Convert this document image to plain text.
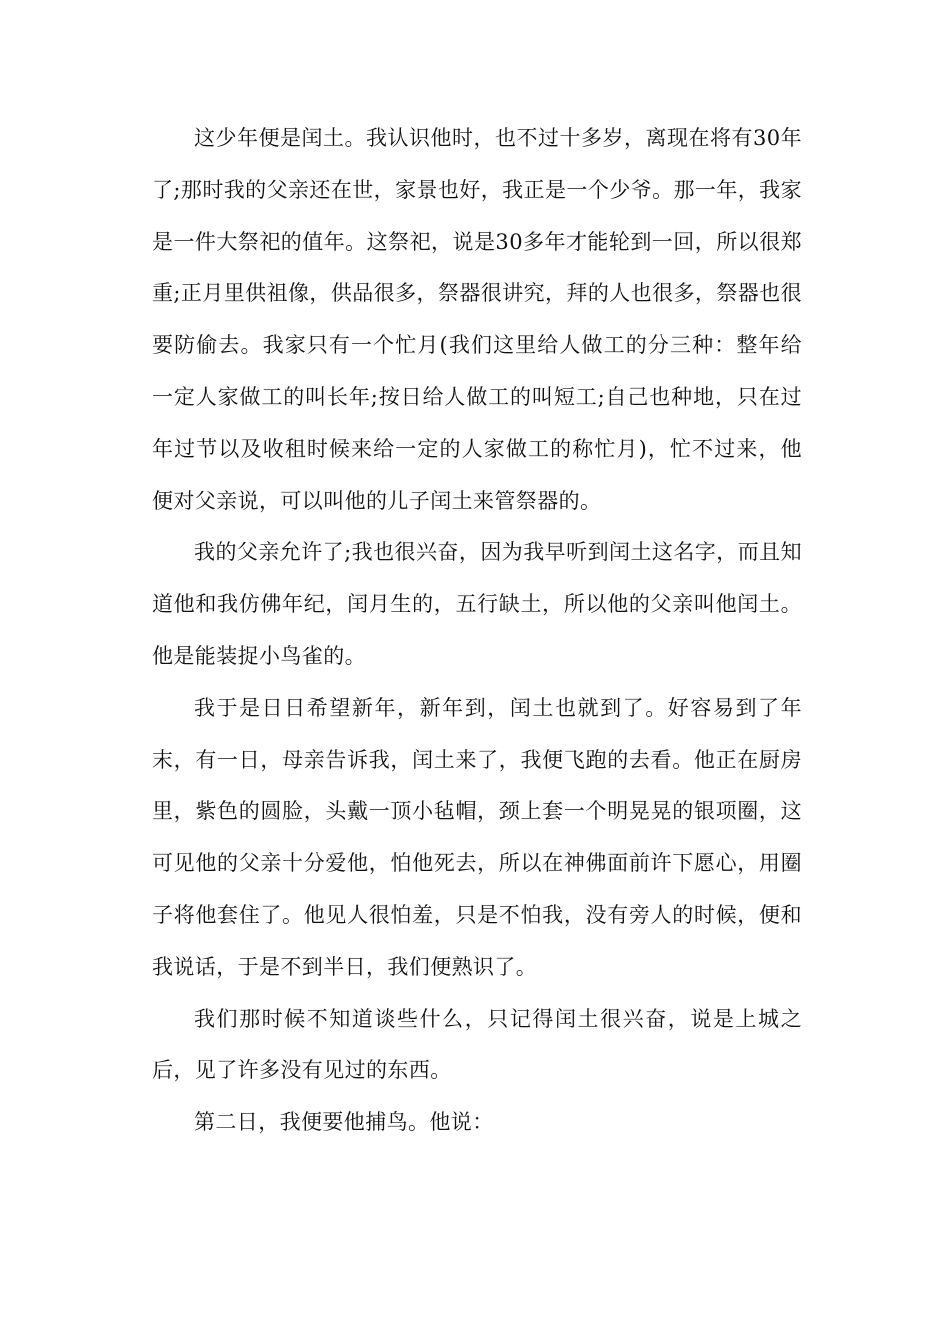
这少年便是闰土。我认识他时，也不过十多岁，离现在将有30年了;那时我的父亲还在世，家景也好，我正是一个少爷。那一年，我家是一件大祭祀的值年。这祭祀，说是30多年才能轮到一回，所以很郑重;正月里供祖像，供品很多，祭器很讲究，拜的人也很多，祭器也很要防偷去。我家只有一个忙月(我们这里给人做工的分三种：整年给一定人家做工的叫长年;按日给人做工的叫短工;自己也种地，只在过年过节以及收租时候来给一定的人家做工的称忙月)，忙不过来，他便对父亲说，可以叫他的儿子闰土来管祭器的。

我的父亲允许了;我也很兴奋，因为我早听到闰土这名字，而且知道他和我仿佛年纪，闰月生的，五行缺土，所以他的父亲叫他闰土。他是能装捉小鸟雀的。

我于是日日希望新年，新年到，闰土也就到了。好容易到了年末，有一日，母亲告诉我，闰土来了，我便飞跑的去看。他正在厨房里，紫色的圆脸，头戴一顶小毡帽，颈上套一个明晃晃的银项圈，这可见他的父亲十分爱他，怕他死去，所以在神佛面前许下愿心，用圈子将他套住了。他见人很怕羞，只是不怕我，没有旁人的时候，便和我说话，于是不到半日，我们便熟识了。

我们那时候不知道谈些什么，只记得闰土很兴奋，说是上城之后，见了许多没有见过的东西。

第二日，我便要他捕鸟。他说：
